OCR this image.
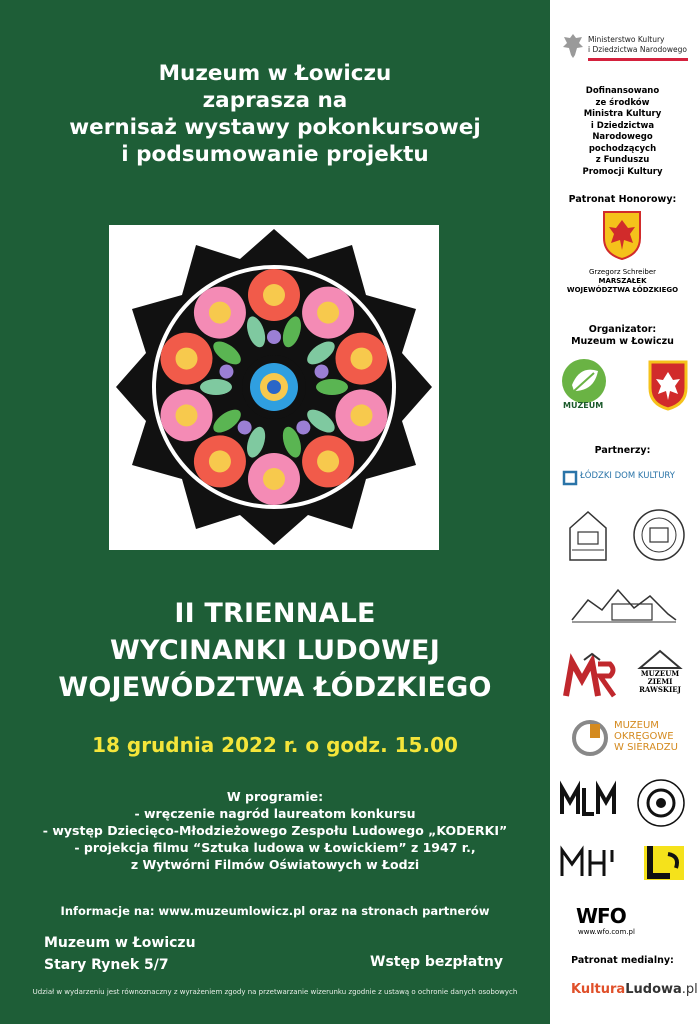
Muzeum w Łowiczu
zaprasza na
wernisaż wystawy pokonkursowej
i podsumowanie projektu
II TRIENNALE
WYCINANKI LUDOWEJ
WOJEWÓDZTWA ŁÓDZKIEGO
18 grudnia 2022 r. o godz. 15.00
W programie:
- wręczenie nagród laureatom konkursu
- występ Dziecięco-Młodzieżowego Zespołu Ludowego „KODERKI”
- projekcja filmu “Sztuka ludowa w Łowickiem” z 1947 r.,
z Wytwórni Filmów Oświatowych w Łodzi
Informacje na: www.muzeumlowicz.pl oraz na stronach partnerów
Muzeum w Łowiczu
Stary Rynek 5/7	Wstęp bezpłatny
Udział w wydarzeniu jest równoznaczny z wyrażeniem zgody na przetwarzanie wizerunku zgodnie z ustawą o ochronie danych osobowych
Ministerstwo Kultury
i Dziedzictwa Narodowego
Dofinansowano
ze środków
Ministra Kultury
i Dziedzictwa
Narodowego
pochodzących
z Funduszu
Promocji Kultury
Patronat Honorowy:
Grzegorz Schreiber
MARSZAŁEK
WOJEWÓDZTWA ŁÓDZKIEGO
Organizator:
Muzeum w Łowiczu
MUZEUM
Partnerzy:
ŁÓDZKI DOM KULTURY
MUZEUM
ZIEMI
RAWSKIEJ
MUZEUM
OKRĘGOWE
W SIERADZU
WFO
www.wfo.com.pl
Patronat medialny:
KulturaLudowa.pl
